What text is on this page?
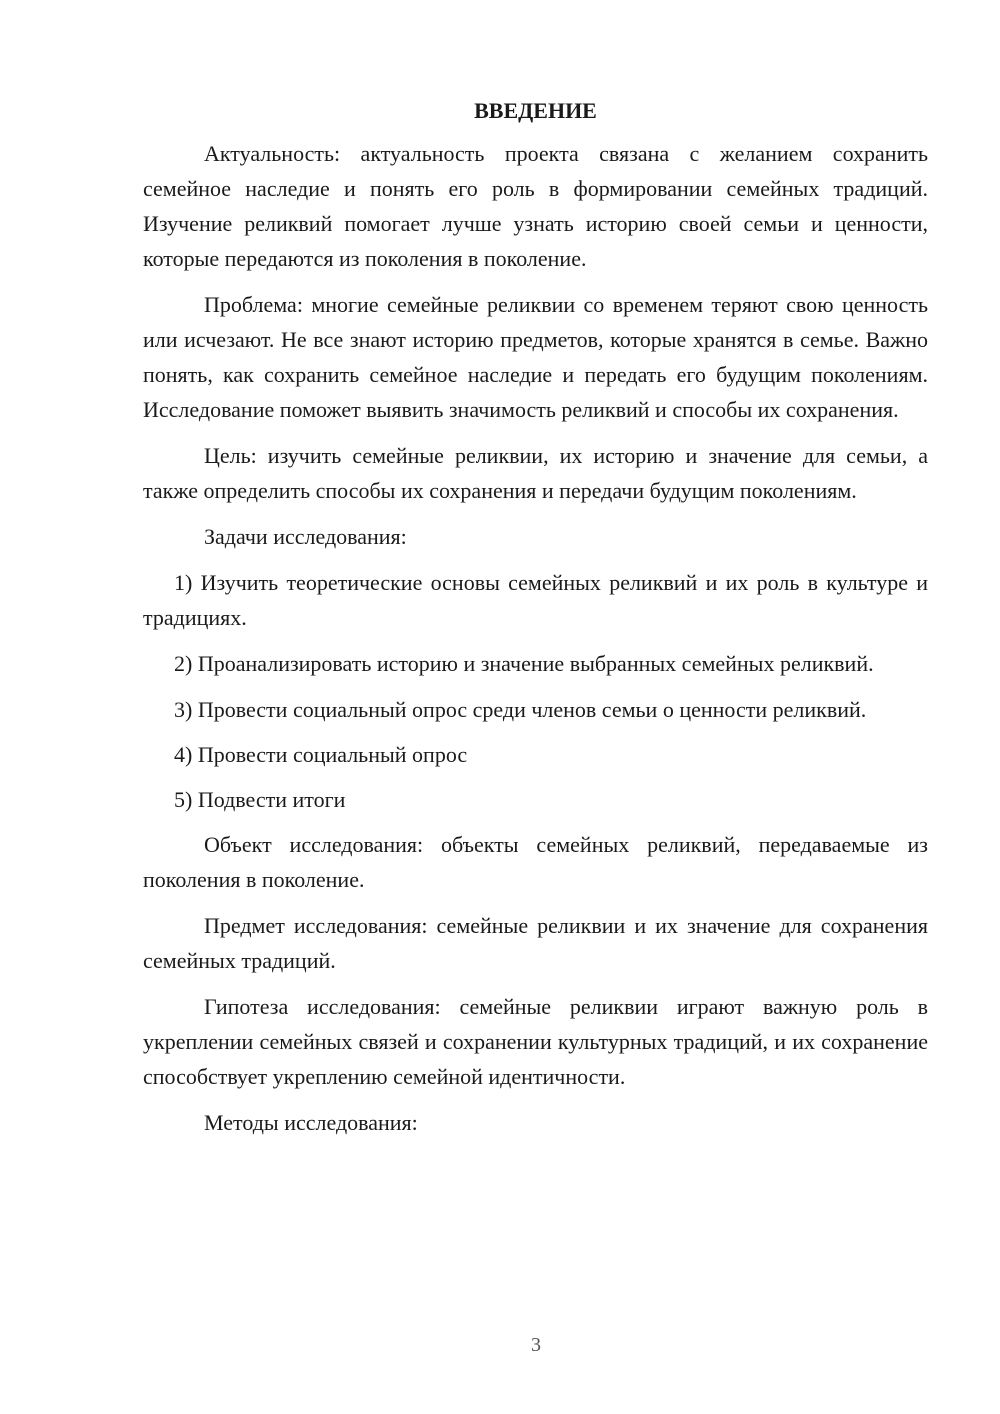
ВВЕДЕНИЕ

Актуальность: актуальность проекта связана с желанием сохранить семейное наследие и понять его роль в формировании семейных традиций. Изучение реликвий помогает лучше узнать историю своей семьи и ценности, которые передаются из поколения в поколение.

Проблема: многие семейные реликвии со временем теряют свою ценность или исчезают. Не все знают историю предметов, которые хранятся в семье. Важно понять, как сохранить семейное наследие и передать его будущим поколениям. Исследование поможет выявить значимость реликвий и способы их сохранения.

Цель: изучить семейные реликвии, их историю и значение для семьи, а также определить способы их сохранения и передачи будущим поколениям.

Задачи исследования:

1) Изучить теоретические основы семейных реликвий и их роль в культуре и традициях.

2) Проанализировать историю и значение выбранных семейных реликвий.

3) Провести социальный опрос среди членов семьи о ценности реликвий.

4) Провести социальный опрос

5) Подвести итоги

Объект исследования: объекты семейных реликвий, передаваемые из поколения в поколение.

Предмет исследования: семейные реликвии и их значение для сохранения семейных традиций.

Гипотеза исследования: семейные реликвии играют важную роль в укреплении семейных связей и сохранении культурных традиций, и их сохранение способствует укреплению семейной идентичности.

Методы исследования:

3
